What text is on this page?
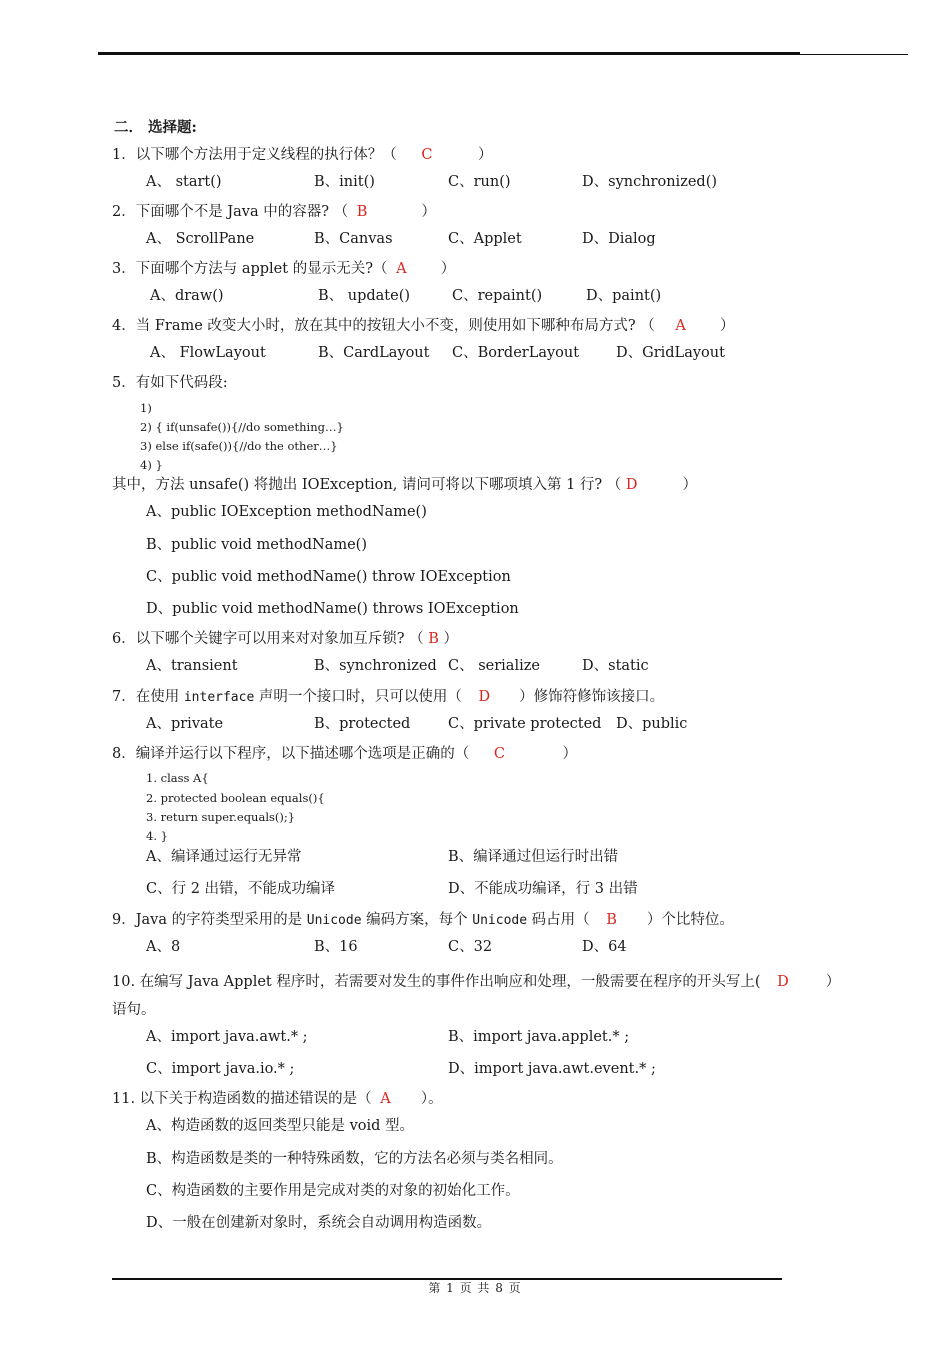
二． 选择题:
1．以下哪个方法用于定义线程的执行体？（ C	）
A、 start()	B、init()	C、run()	D、synchronized()
2．下面哪个不是 Java 中的容器? （ B	）
A、 ScrollPane	B、Canvas	C、Applet	D、Dialog
3．下面哪个方法与 applet 的显示无关?（ A ）
A、draw()	B、 update()	C、repaint()	D、paint()
4．当 Frame 改变大小时，放在其中的按钮大小不变，则使用如下哪种布局方式? （ A ）
A、 FlowLayout	B、CardLayout C、BorderLayout	D、GridLayout
5．有如下代码段:
1)
2) { if(unsafe()){//do something…}
3) else if(safe()){//do the other…}
4) }
其中，方法 unsafe() 将抛出 IOException, 请问可将以下哪项填入第 1 行? （ D	）
A、public IOException methodName()
B、public void methodName()
C、public void methodName() throw IOException
D、public void methodName() throws IOException
6．以下哪个关键字可以用来对对象加互斥锁? （ B ）
A、transient	B、synchronized C、 serialize	D、static
7．在使用 interface 声明一个接口时，只可以使用（ D ）修饰符修饰该接口。
A、private	B、protected	C、private protected D、public
8．编译并运行以下程序，以下描述哪个选项是正确的（ C	）
1. class A{
2. protected boolean equals(){
3. return super.equals();}
4. }
A、编译通过运行无异常	B、编译通过但运行时出错
C、行 2 出错，不能成功编译	D、不能成功编译，行 3 出错
9．Java 的字符类型采用的是 Unicode 编码方案，每个 Unicode 码占用（ B ）个比特位。
A、8	B、16	C、32	D、64
10. 在编写 Java Applet 程序时，若需要对发生的事件作出响应和处理，一般需要在程序的开头写上( D	）
语句。
A、import java.awt.* ;	B、import java.applet.* ;
C、import java.io.* ;	D、import java.awt.event.* ;
11. 以下关于构造函数的描述错误的是（ A ）。
A、构造函数的返回类型只能是 void 型。
B、构造函数是类的一种特殊函数，它的方法名必须与类名相同。
C、构造函数的主要作用是完成对类的对象的初始化工作。
D、一般在创建新对象时，系统会自动调用构造函数。
第 1 页 共 8 页
